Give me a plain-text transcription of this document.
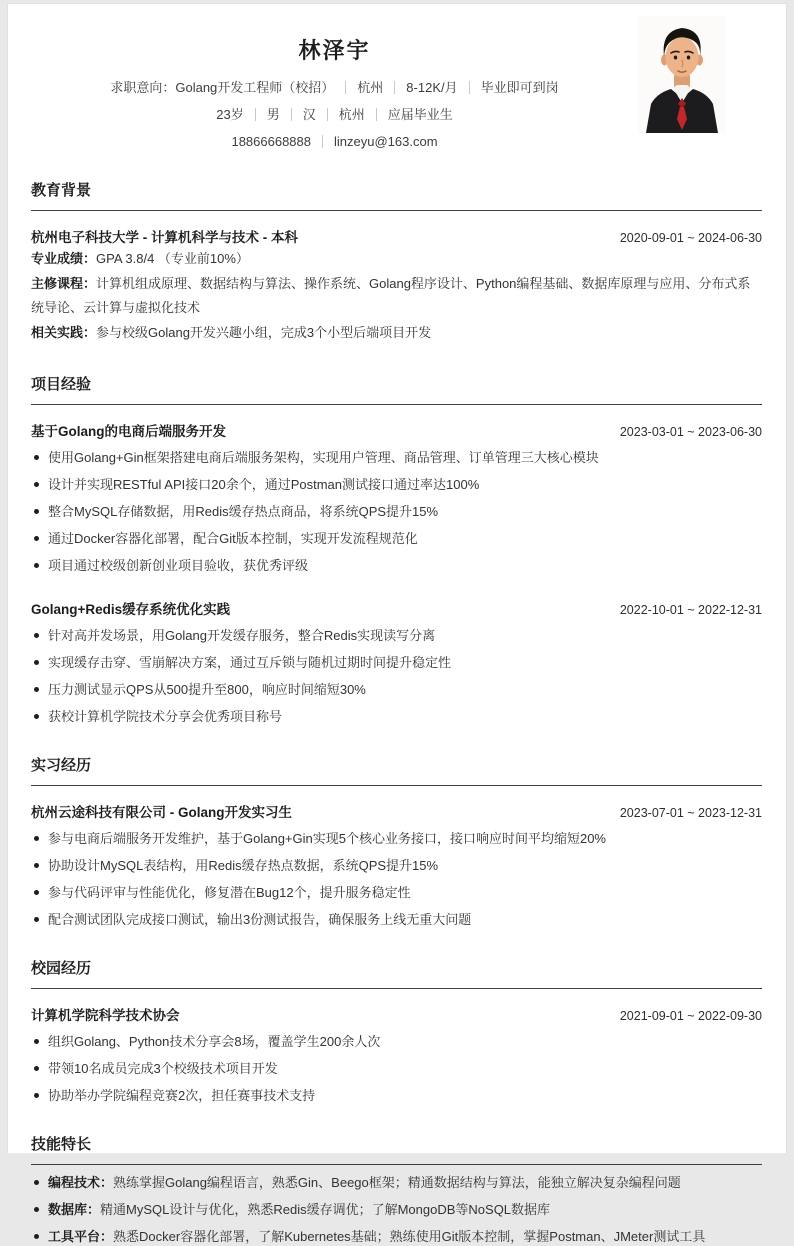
林泽宇
求职意向：Golang开发工程师（校招） 杭州 8-12K/月 毕业即可到岗
23岁 男 汉 杭州 应届毕业生
18866668888 linzeyu@163.com
教育背景
杭州电子科技大学 - 计算机科学与技术 - 本科	2020-09-01 ~ 2024-06-30
专业成绩：GPA 3.8/4 （专业前10%）
主修课程：计算机组成原理、数据结构与算法、操作系统、Golang程序设计、Python编程基础、数据库原理与应用、分布式系统导论、云计算与虚拟化技术
相关实践：参与校级Golang开发兴趣小组，完成3个小型后端项目开发
项目经验
基于Golang的电商后端服务开发	2023-03-01 ~ 2023-06-30
使用Golang+Gin框架搭建电商后端服务架构，实现用户管理、商品管理、订单管理三大核心模块
设计并实现RESTful API接口20余个，通过Postman测试接口通过率达100%
整合MySQL存储数据，用Redis缓存热点商品，将系统QPS提升15%
通过Docker容器化部署，配合Git版本控制，实现开发流程规范化
项目通过校级创新创业项目验收，获优秀评级
Golang+Redis缓存系统优化实践	2022-10-01 ~ 2022-12-31
针对高并发场景，用Golang开发缓存服务，整合Redis实现读写分离
实现缓存击穿、雪崩解决方案，通过互斥锁与随机过期时间提升稳定性
压力测试显示QPS从500提升至800，响应时间缩短30%
获校计算机学院技术分享会优秀项目称号
实习经历
杭州云途科技有限公司 - Golang开发实习生	2023-07-01 ~ 2023-12-31
参与电商后端服务开发维护，基于Golang+Gin实现5个核心业务接口，接口响应时间平均缩短20%
协助设计MySQL表结构，用Redis缓存热点数据，系统QPS提升15%
参与代码评审与性能优化，修复潜在Bug12个，提升服务稳定性
配合测试团队完成接口测试，输出3份测试报告，确保服务上线无重大问题
校园经历
计算机学院科学技术协会	2021-09-01 ~ 2022-09-30
组织Golang、Python技术分享会8场，覆盖学生200余人次
带领10名成员完成3个校级技术项目开发
协助举办学院编程竞赛2次，担任赛事技术支持
技能特长
编程技术：熟练掌握Golang编程语言，熟悉Gin、Beego框架；精通数据结构与算法，能独立解决复杂编程问题
数据库：精通MySQL设计与优化，熟悉Redis缓存调优；了解MongoDB等NoSQL数据库
工具平台：熟悉Docker容器化部署，了解Kubernetes基础；熟练使用Git版本控制，掌握Postman、JMeter测试工具
